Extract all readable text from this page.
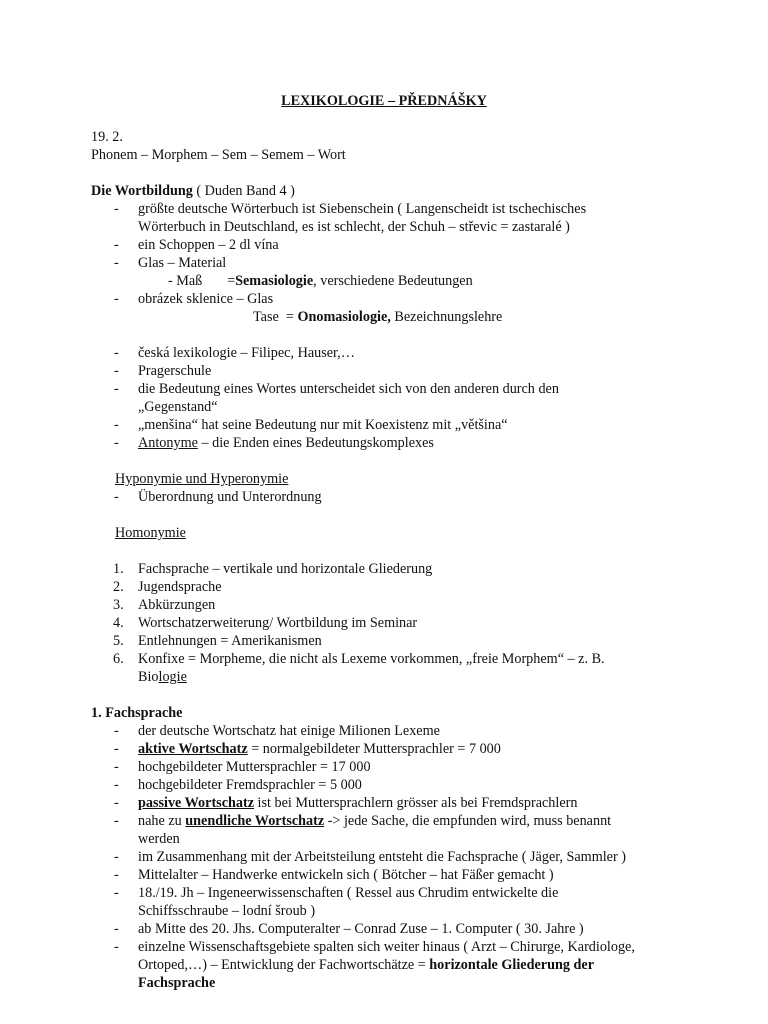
LEXIKOLOGIE – PŘEDNÁŠKY
19. 2.
Phonem – Morphem – Sem – Semem – Wort
Die Wortbildung ( Duden Band 4 )
- größte deutsche Wörterbuch ist Siebenschein ( Langenscheidt ist tschechisches
Wörterbuch in Deutschland, es ist schlecht, der Schuh – střevic = zastaralé )
- ein Schoppen – 2 dl vína
- Glas – Material
- Maß       =Semasiologie, verschiedene Bedeutungen
- obrázek sklenice – Glas
Tase  = Onomasiologie, Bezeichnungslehre
- česká lexikologie – Filipec, Hauser,…
- Pragerschule
- die Bedeutung eines Wortes unterscheidet sich von den anderen durch den
„Gegenstand“
- „menšina“ hat seine Bedeutung nur mit Koexistenz mit „většina“
- Antonyme – die Enden eines Bedeutungskomplexes
Hyponymie und Hyperonymie
- Überordnung und Unterordnung
Homonymie
1. Fachsprache – vertikale und horizontale Gliederung
2. Jugendsprache
3. Abkürzungen
4. Wortschatzerweiterung/ Wortbildung im Seminar
5. Entlehnungen = Amerikanismen
6. Konfixe = Morpheme, die nicht als Lexeme vorkommen, „freie Morphem“ – z. B.
Biologie
1. Fachsprache
- der deutsche Wortschatz hat einige Milionen Lexeme
- aktive Wortschatz = normalgebildeter Muttersprachler = 7 000
- hochgebildeter Muttersprachler = 17 000
- hochgebildeter Fremdsprachler = 5 000
- passive Wortschatz ist bei Muttersprachlern grösser als bei Fremdsprachlern
- nahe zu unendliche Wortschatz -> jede Sache, die empfunden wird, muss benannt
werden
- im Zusammenhang mit der Arbeitsteilung entsteht die Fachsprache ( Jäger, Sammler )
- Mittelalter – Handwerke entwickeln sich ( Bötcher – hat Fäßer gemacht )
- 18./19. Jh – Ingeneerwissenschaften ( Ressel aus Chrudim entwickelte die
Schiffsschraube – lodní šroub )
- ab Mitte des 20. Jhs. Computeralter – Conrad Zuse – 1. Computer ( 30. Jahre )
- einzelne Wissenschaftsgebiete spalten sich weiter hinaus ( Arzt – Chirurge, Kardiologe,
Ortoped,…) – Entwicklung der Fachwortschätze = horizontale Gliederung der
Fachsprache
